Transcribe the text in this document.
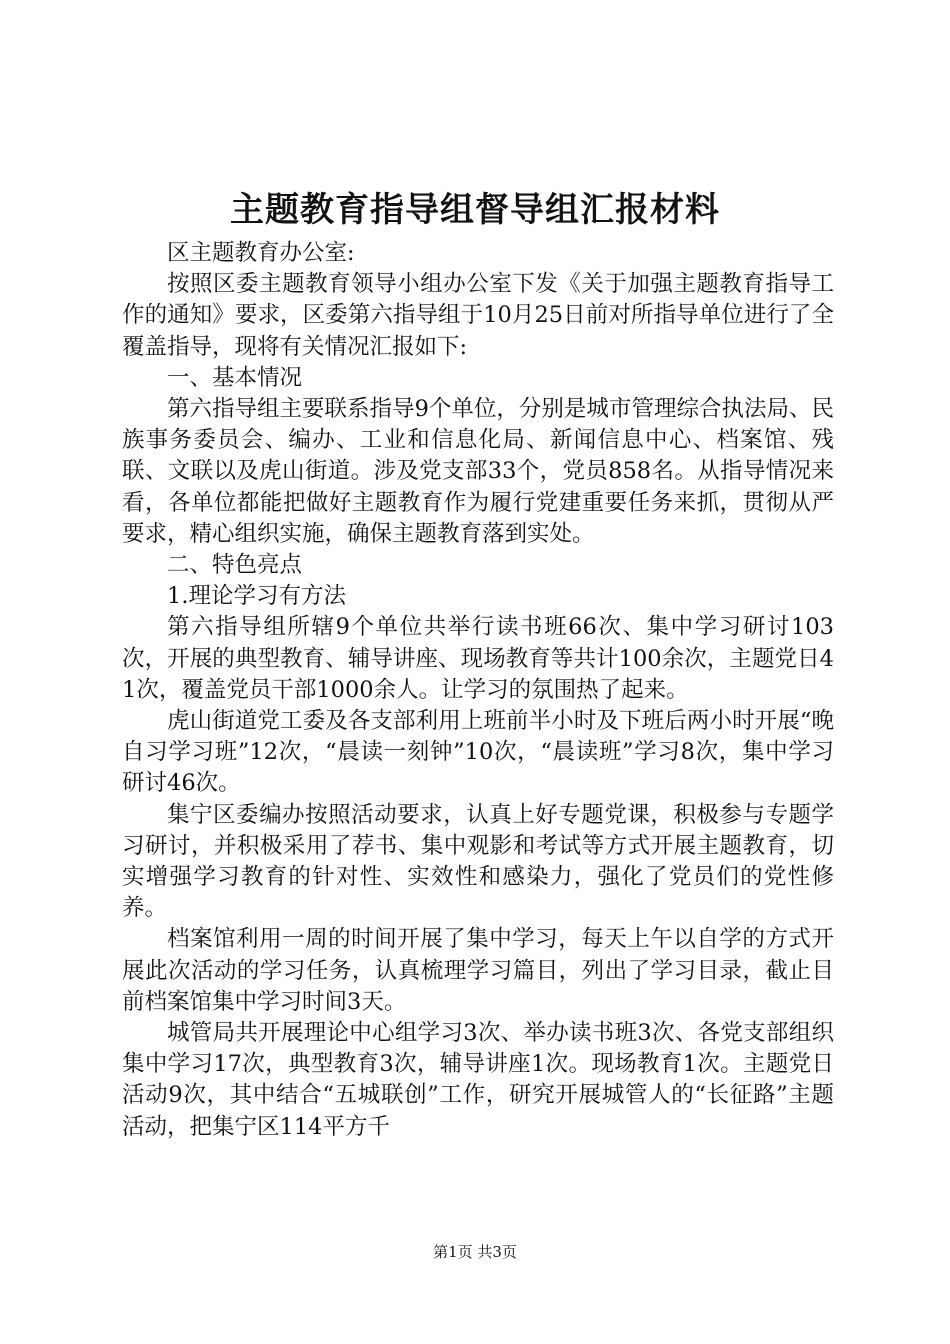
主题教育指导组督导组汇报材料

区主题教育办公室:

按照区委主题教育领导小组办公室下发《关于加强主题教育指导工作的通知》要求，区委第六指导组于10月25日前对所指导单位进行了全覆盖指导，现将有关情况汇报如下:

一、基本情况

第六指导组主要联系指导9个单位，分别是城市管理综合执法局、民族事务委员会、编办、工业和信息化局、新闻信息中心、档案馆、残联、文联以及虎山街道。涉及党支部33个，党员858名。从指导情况来看，各单位都能把做好主题教育作为履行党建重要任务来抓，贯彻从严要求，精心组织实施，确保主题教育落到实处。

二、特色亮点

1.理论学习有方法

第六指导组所辖9个单位共举行读书班66次、集中学习研讨103次，开展的典型教育、辅导讲座、现场教育等共计100余次，主题党日41次，覆盖党员干部1000余人。让学习的氛围热了起来。

虎山街道党工委及各支部利用上班前半小时及下班后两小时开展“晚自习学习班”12次，“晨读一刻钟”10次，“晨读班”学习8次，集中学习研讨46次。

集宁区委编办按照活动要求，认真上好专题党课，积极参与专题学习研讨，并积极采用了荐书、集中观影和考试等方式开展主题教育，切实增强学习教育的针对性、实效性和感染力，强化了党员们的党性修养。

档案馆利用一周的时间开展了集中学习，每天上午以自学的方式开展此次活动的学习任务，认真梳理学习篇目，列出了学习目录，截止目前档案馆集中学习时间3天。

城管局共开展理论中心组学习3次、举办读书班3次、各党支部组织集中学习17次，典型教育3次，辅导讲座1次。现场教育1次。主题党日活动9次，其中结合“五城联创”工作，研究开展城管人的“长征路”主题活动，把集宁区114平方千

第1页 共3页
